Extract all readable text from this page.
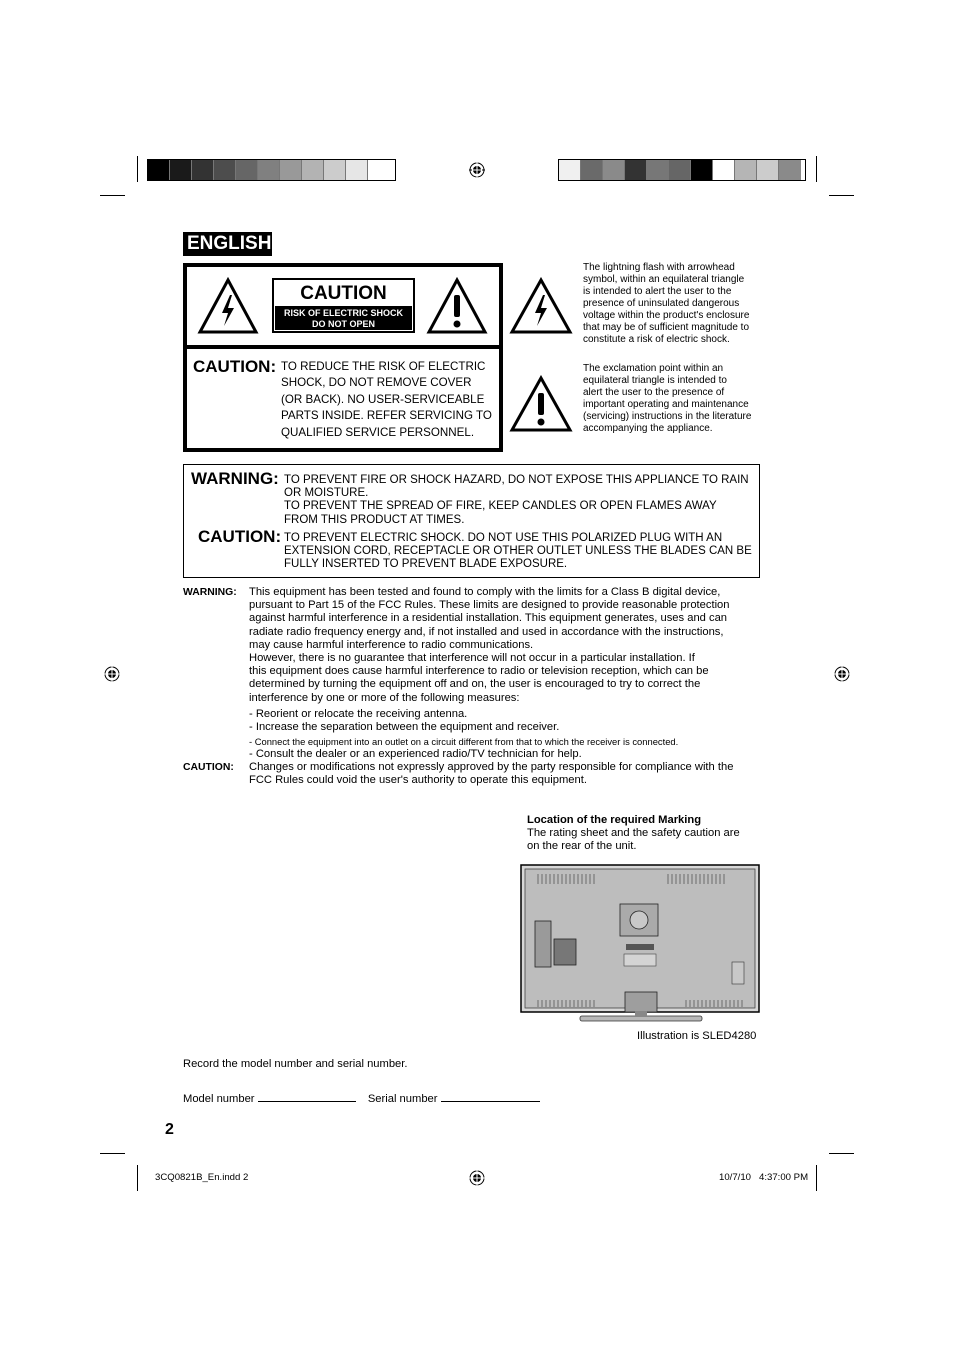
ENGLISH
CAUTION
RISK OF ELECTRIC SHOCK
DO NOT OPEN
CAUTION: TO REDUCE THE RISK OF ELECTRIC
SHOCK, DO NOT REMOVE COVER
(OR BACK). NO USER-SERVICEABLE
PARTS INSIDE. REFER SERVICING TO
QUALIFIED SERVICE PERSONNEL.
The lightning flash with arrowhead
symbol, within an equilateral triangle
is intended to alert the user to the
presence of uninsulated dangerous
voltage within the product's enclosure
that may be of sufficient magnitude to
constitute a risk of electric shock.
The exclamation point within an
equilateral triangle is intended to
alert the user to the presence of
important operating and maintenance
(servicing) instructions in the literature
accompanying the appliance.
WARNING: TO PREVENT FIRE OR SHOCK HAZARD, DO NOT EXPOSE THIS APPLIANCE TO RAIN
OR MOISTURE.
TO PREVENT THE SPREAD OF FIRE, KEEP CANDLES OR OPEN FLAMES AWAY
FROM THIS PRODUCT AT TIMES.
CAUTION: TO PREVENT ELECTRIC SHOCK. DO NOT USE THIS POLARIZED PLUG WITH AN
EXTENSION CORD, RECEPTACLE OR OTHER OUTLET UNLESS THE BLADES CAN BE
FULLY INSERTED TO PREVENT BLADE EXPOSURE.
WARNING: This equipment has been tested and found to comply with the limits for a Class B digital device,
pursuant to Part 15 of the FCC Rules. These limits are designed to provide reasonable protection
against harmful interference in a residential installation. This equipment generates, uses and can
radiate radio frequency energy and, if not installed and used in accordance with the instructions,
may cause harmful interference to radio communications.
However, there is no guarantee that interference will not occur in a particular installation. If
this equipment does cause harmful interference to radio or television reception, which can be
determined by turning the equipment off and on, the user is encouraged to try to correct the
interference by one or more of the following measures:
- Reorient or relocate the receiving antenna.
- Increase the separation between the equipment and receiver.
- Connect the equipment into an outlet on a circuit different from that to which the receiver is connected.
- Consult the dealer or an experienced radio/TV technician for help.
CAUTION: Changes or modifications not expressly approved by the party responsible for compliance with the
FCC Rules could void the user's authority to operate this equipment.
Location of the required Marking
The rating sheet and the safety caution are
on the rear of the unit.
Illustration is SLED4280
Record the model number and serial number.
Model number	Serial number
2
3CQ0821B_En.indd 2	10/7/10   4:37:00 PM
